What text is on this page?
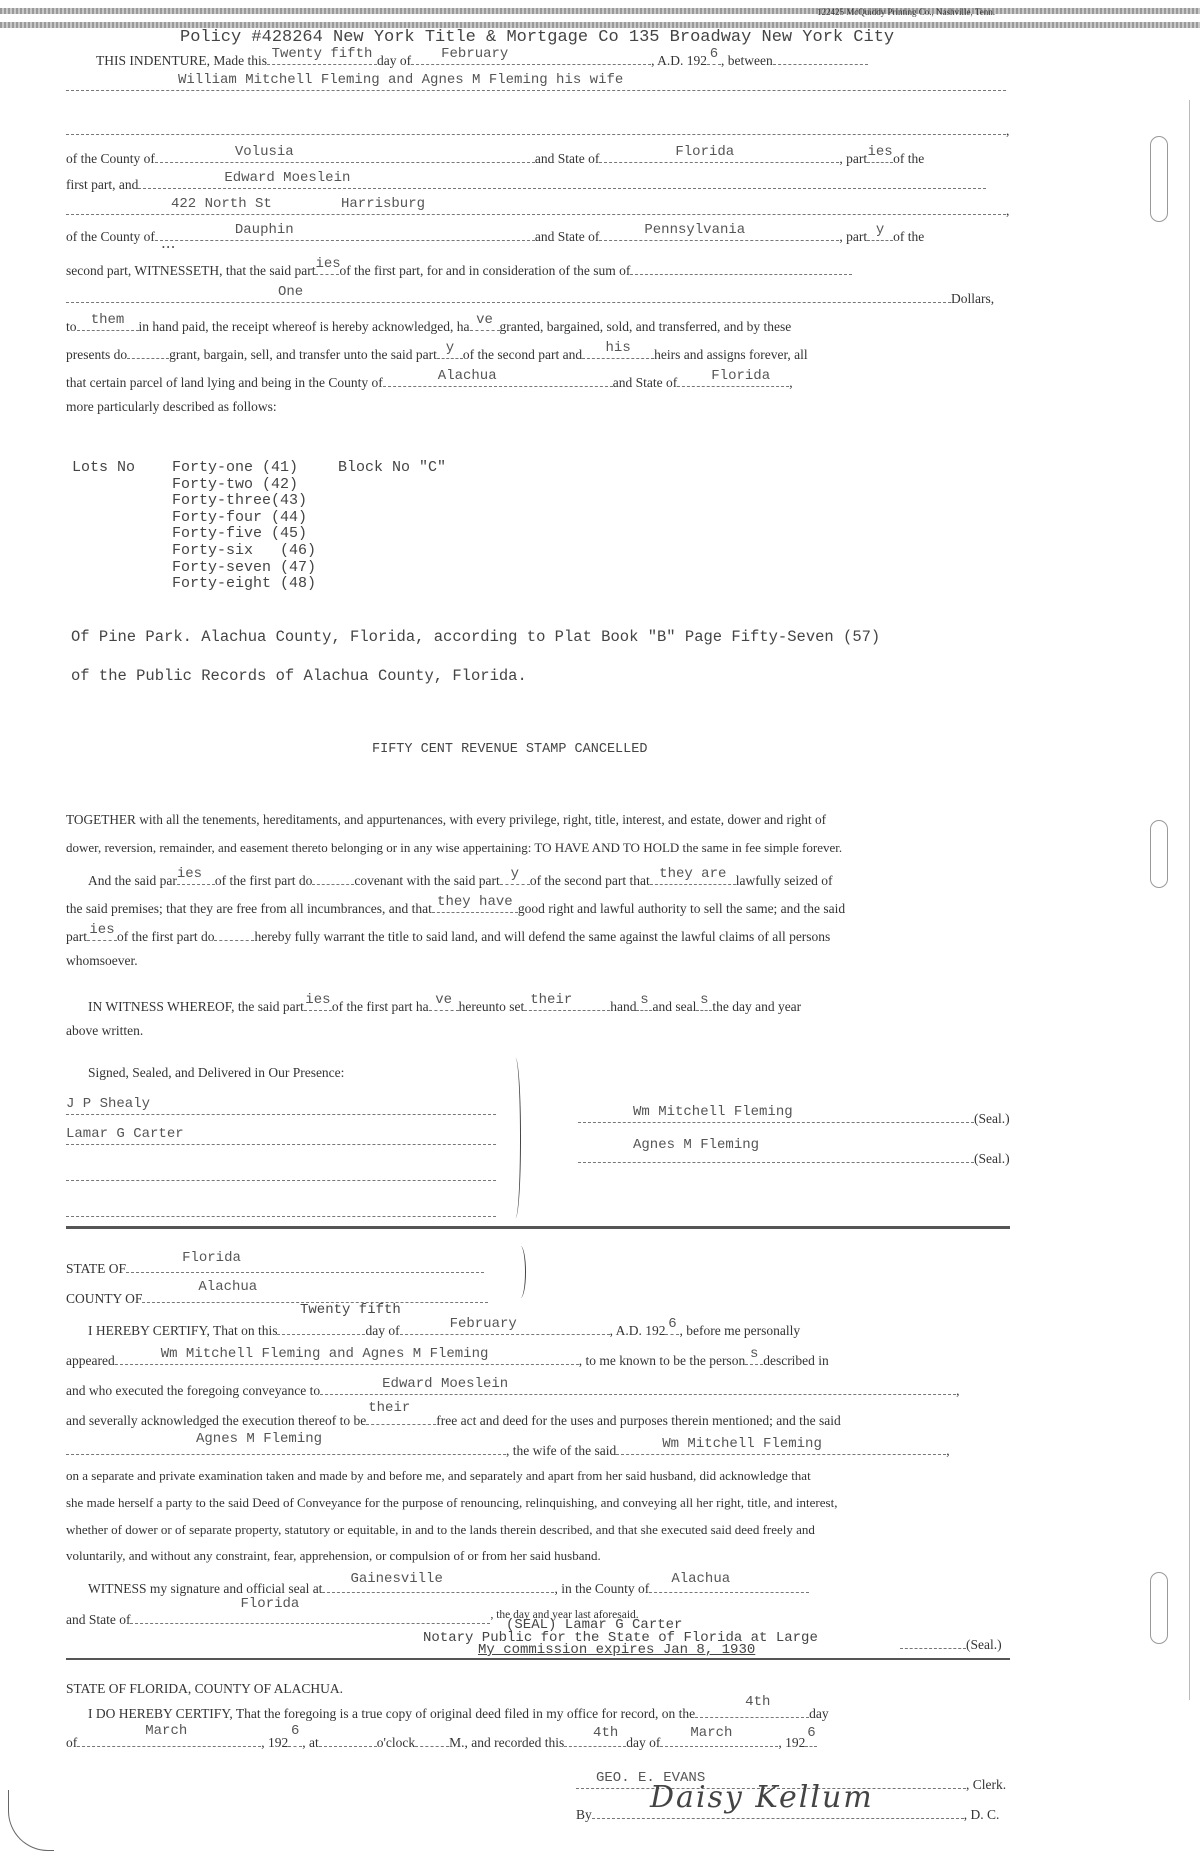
122425 McQuiddy Printing Co., Nashville, Tenn.
Policy #428264 New York Title & Mortgage Co 135 Broadway New York City
THIS INDENTURE, Made this Twenty fifth day of	February	, A.D. 192 6 , between
William Mitchell Fleming and Agnes M Fleming his wife
,
of the County of	Volusia	and State of	Florida	, part ies of the
first part, and	Edward Moeslein
422 North St	Harrisburg	,
of the County of	Dauphin	and State of	Pennsylvania	, part y of the
• • •
second part, WITNESSETH, that the said part ies
of the first part, for and in consideration of the sum of
One	Dollars,
to	them	in hand paid, the receipt whereof is hereby acknowledged, ha ve granted, bargained, sold, and transferred, and by these
presents do	grant, bargain, sell, and transfer unto the said part y of the second part and	his	heirs and assigns forever, all
that certain parcel of land lying and being in the County of	Alachua	and State of	Florida	,
more particularly described as follows:
Lots No	Block No "C"
Forty-one (41)
Forty-two (42)
Forty-three(43)
Forty-four (44)
Forty-five (45)
Forty-six   (46)
Forty-seven (47)
Forty-eight (48)
Of Pine Park. Alachua County, Florida, according to Plat Book "B" Page Fifty-Seven (57)
of the Public Records of Alachua County, Florida.
FIFTY CENT REVENUE STAMP CANCELLED
TOGETHER with all the tenements, hereditaments, and appurtenances, with every privilege, right, title, interest, and estate, dower and right of
dower, reversion, remainder, and easement thereto belonging or in any wise appertaining: TO HAVE AND TO HOLD the same in fee simple forever.
And the said par ies of the first part do	covenant with the said part y of the second part that they are lawfully seized of
the said premises; that they are free from all incumbrances, and that they have good right and lawful authority to sell the same; and the said
part ies of the first part do	hereby fully warrant the title to said land, and will defend the same against the lawful claims of all persons
whomsoever.
IN WITNESS WHEREOF, the said part ies of the first part ha ve hereunto set their	hand s and seal s the day and year
above written.
Signed, Sealed, and Delivered in Our Presence:
J P Shealy
Lamar G Carter
Wm Mitchell Fleming	(Seal.)
Agnes M Fleming
(Seal.)
STATE OF
Florida
COUNTY OF
Alachua
Twenty fifth
I HEREBY CERTIFY, That on this	day of	February	, A.D. 192 6 , before me personally
appeared	Wm Mitchell Fleming and Agnes M Fleming	, to me known to be the person s described in
and who executed the foregoing conveyance to	Edward Moeslein	,
and severally acknowledged the execution thereof to be
their
free act and deed for the uses and purposes therein mentioned; and the said
Agnes M Fleming
, the wife of the said	Wm Mitchell Fleming	,
on a separate and private examination taken and made by and before me, and separately and apart from her said husband, did acknowledge that
she made herself a party to the said Deed of Conveyance for the purpose of renouncing, relinquishing, and conveying all her right, title, and interest,
whether of dower or of separate property, statutory or equitable, in and to the lands therein described, and that she executed said deed freely and
voluntarily, and without any constraint, fear, apprehension, or compulsion of or from her said husband.
WITNESS my signature and official seal at
Gainesville
, in the County of
Alachua
and State of
Florida
, the day and year last aforesaid.
(SEAL) Lamar G Carter
Notary Public for the State of Florida at Large	(Seal.)
My commission expires Jan 8, 1930
STATE OF FLORIDA, COUNTY OF ALACHUA.
I DO HEREBY CERTIFY, That the foregoing is a true copy of original deed filed in my office for record, on the
4th
day
of
March
, 192
6
, at	o'clock	M., and recorded this
4th
day of
March
, 192
6
GEO. E. EVANS	, Clerk.
By	, D. C.
Daisy Kellum
